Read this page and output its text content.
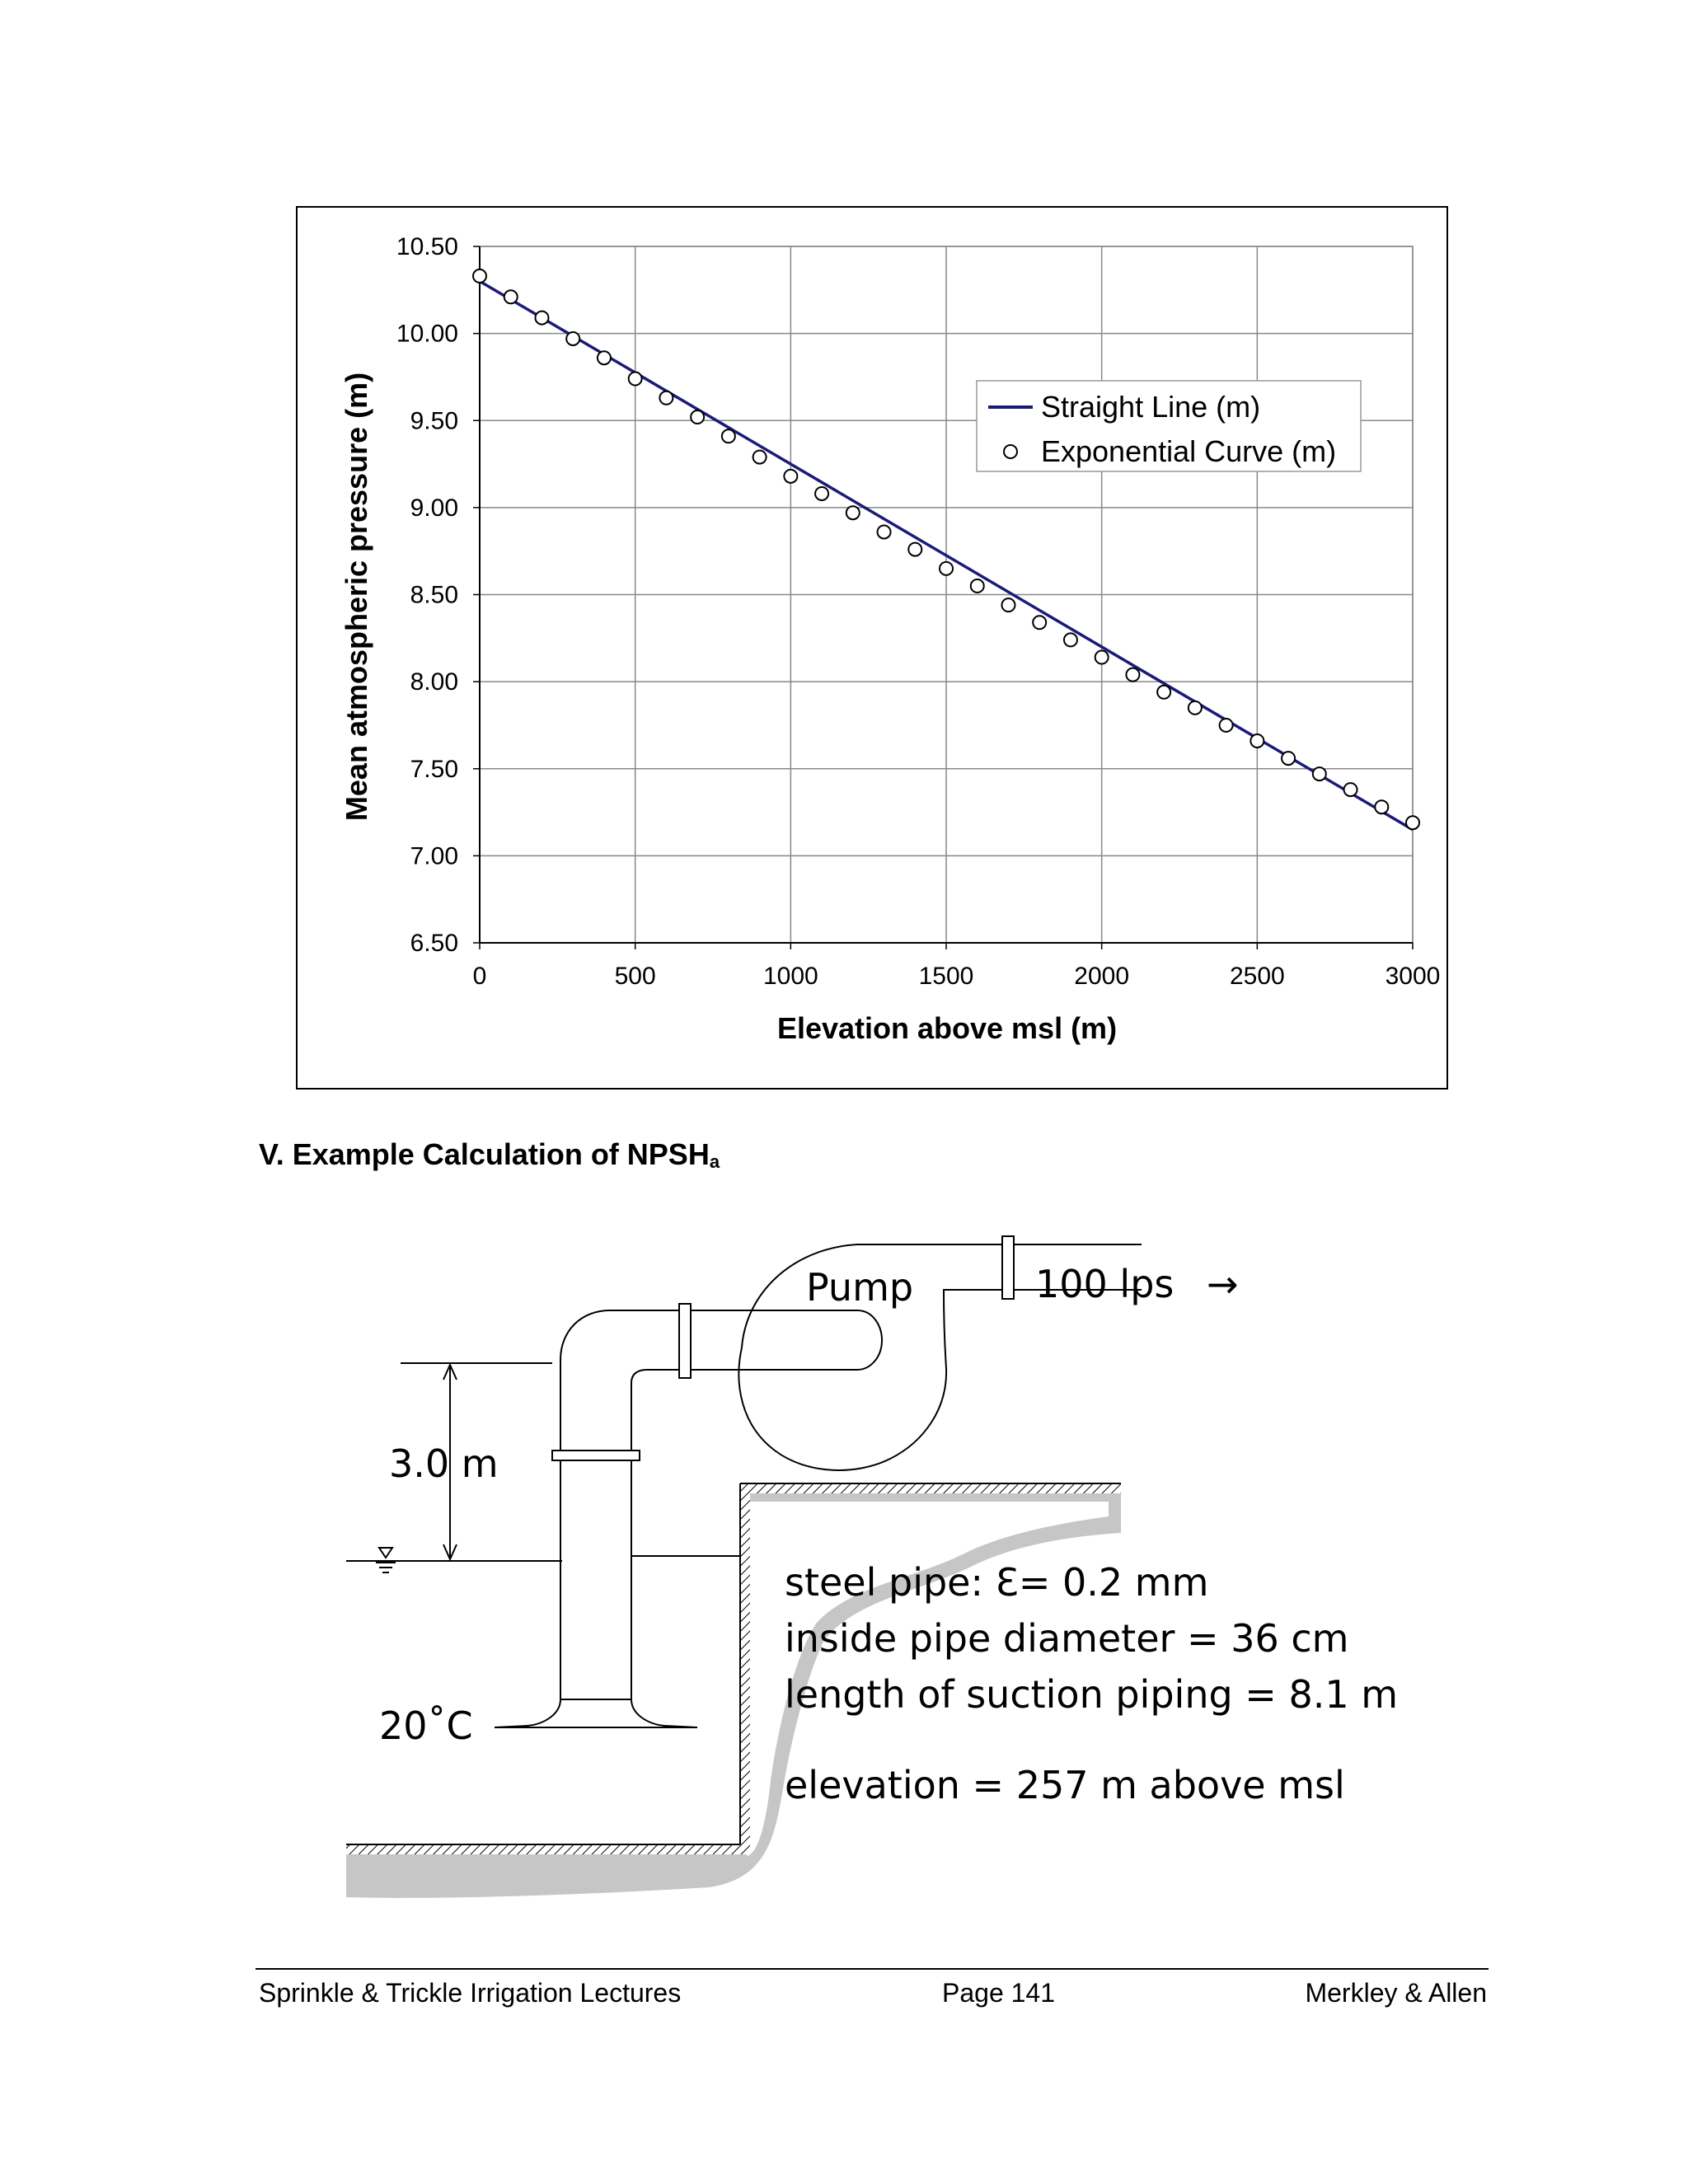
10.50
10.00
9.50
9.00
8.50
8.00
7.50
7.00
6.50
0	500	1000	1500	2000	2500	3000
Elevation above msl (m)
Mean atmospheric pressure (m)	Straight Line (m)
Exponential Curve (m)
V. Example Calculation of $NPSH_a$
3.0 m
Pump	100 lps →
20˚C
steel pipe: Ɛ= 0.2 mm
inside pipe diameter = 36 cm
length of suction piping = 8.1 m
elevation = 257 m above msl
Sprinkle & Trickle Irrigation Lectures	Page 141	Merkley & Allen
